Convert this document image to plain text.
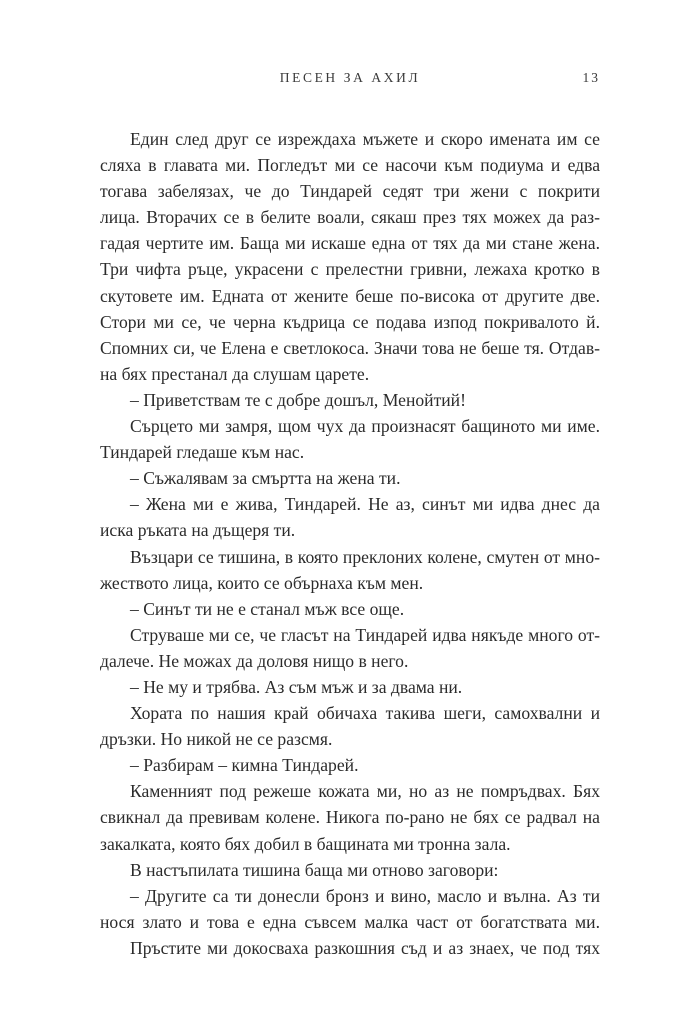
ПЕСЕН ЗА АХИЛ	13
Един след друг се изреждаха мъжете и скоро имената им се
сляха в главата ми. Погледът ми се насочи към подиума и едва
тогава забелязах, че до Тиндарей седят три жени с покрити
лица. Вторачих се в белите воали, сякаш през тях можех да раз-
гадая чертите им. Баща ми искаше една от тях да ми стане жена.
Три чифта ръце, украсени с прелестни гривни, лежаха кротко в
скутовете им. Едната от жените беше по-висока от другите две.
Стори ми се, че черна къдрица се подава изпод покривалото й.
Спомних си, че Елена е светлокоса. Значи това не беше тя. Отдав-
на бях престанал да слушам царете.
– Приветствам те с добре дошъл, Менойтий!
Сърцето ми замря, щом чух да произнасят бащиното ми име.
Тиндарей гледаше към нас.
– Съжалявам за смъртта на жена ти.
– Жена ми е жива, Тиндарей. Не аз, синът ми идва днес да
иска ръката на дъщеря ти.
Възцари се тишина, в която преклоних колене, смутен от мно-
жеството лица, които се обърнаха към мен.
– Синът ти не е станал мъж все още.
Струваше ми се, че гласът на Тиндарей идва някъде много от-
далече. Не можах да доловя нищо в него.
– Не му и трябва. Аз съм мъж и за двама ни.
Хората по нашия край обичаха такива шеги, самохвални и
дръзки. Но никой не се разсмя.
– Разбирам – кимна Тиндарей.
Каменният под режеше кожата ми, но аз не помръдвах. Бях
свикнал да превивам колене. Никога по-рано не бях се радвал на
закалката, която бях добил в бащината ми тронна зала.
В настъпилата тишина баща ми отново заговори:
– Другите са ти донесли бронз и вино, масло и вълна. Аз ти
нося злато и това е една съвсем малка част от богатствата ми.
Пръстите ми докосваха разкошния съд и аз знаех, че под тях
